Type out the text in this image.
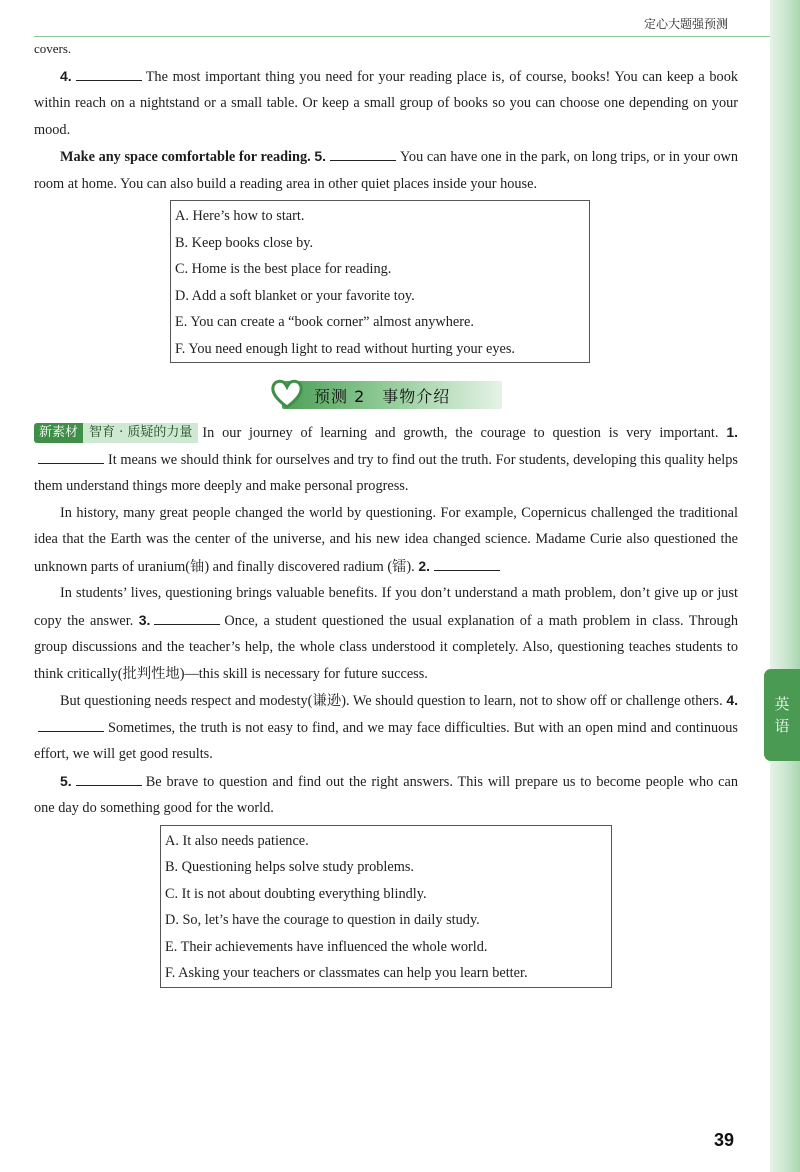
英
语
定心大题强预测

covers.

4.	The most important thing you need for your reading place is, of course, books! You can keep a book within reach on a nightstand or a small table. Or keep a small group of books so you can choose one depending on your mood.

Make any space comfortable for reading. 5.	You can have one in the park, on long trips, or in your own room at home. You can also build a reading area in other quiet places inside your house.

A. Here’s how to start.
B. Keep books close by.
C. Home is the best place for reading.
D. Add a soft blanket or your favorite toy.
E. You can create a “book corner” almost anywhere.
F. You need enough light to read without hurting your eyes.
预测 2　事物介绍

新素材 智育 · 质疑的力量 In our journey of learning and growth, the courage to question is very important. 1.It means we should think for ourselves and try to find out the truth. For students, developing this quality helps them understand things more deeply and make personal progress.

In history, many great people changed the world by questioning. For example, Copernicus challenged the traditional idea that the Earth was the center of the universe, and his new idea changed science. Madame Curie also questioned the unknown parts of uranium(铀) and finally discovered radium (镭). 2.

In students’ lives, questioning brings valuable benefits. If you don’t understand a math problem, don’t give up or just copy the answer. 3.	Once, a student questioned the usual explanation of a math problem in class. Through group discussions and the teacher’s help, the whole class understood it completely. Also, questioning teaches students to think critically(批判性地)—this skill is necessary for future success.

But questioning needs respect and modesty(谦逊). We should question to learn, not to show off or challenge others. 4.Sometimes, the truth is not easy to find, and we may face difficulties. But with an open mind and continuous effort, we will get good results.

5.	Be brave to question and find out the right answers. This will prepare us to become people who can one day do something good for the world.

A. It also needs patience.
B. Questioning helps solve study problems.
C. It is not about doubting everything blindly.
D. So, let’s have the courage to question in daily study.
E. Their achievements have influenced the whole world.
F. Asking your teachers or classmates can help you learn better.
39
